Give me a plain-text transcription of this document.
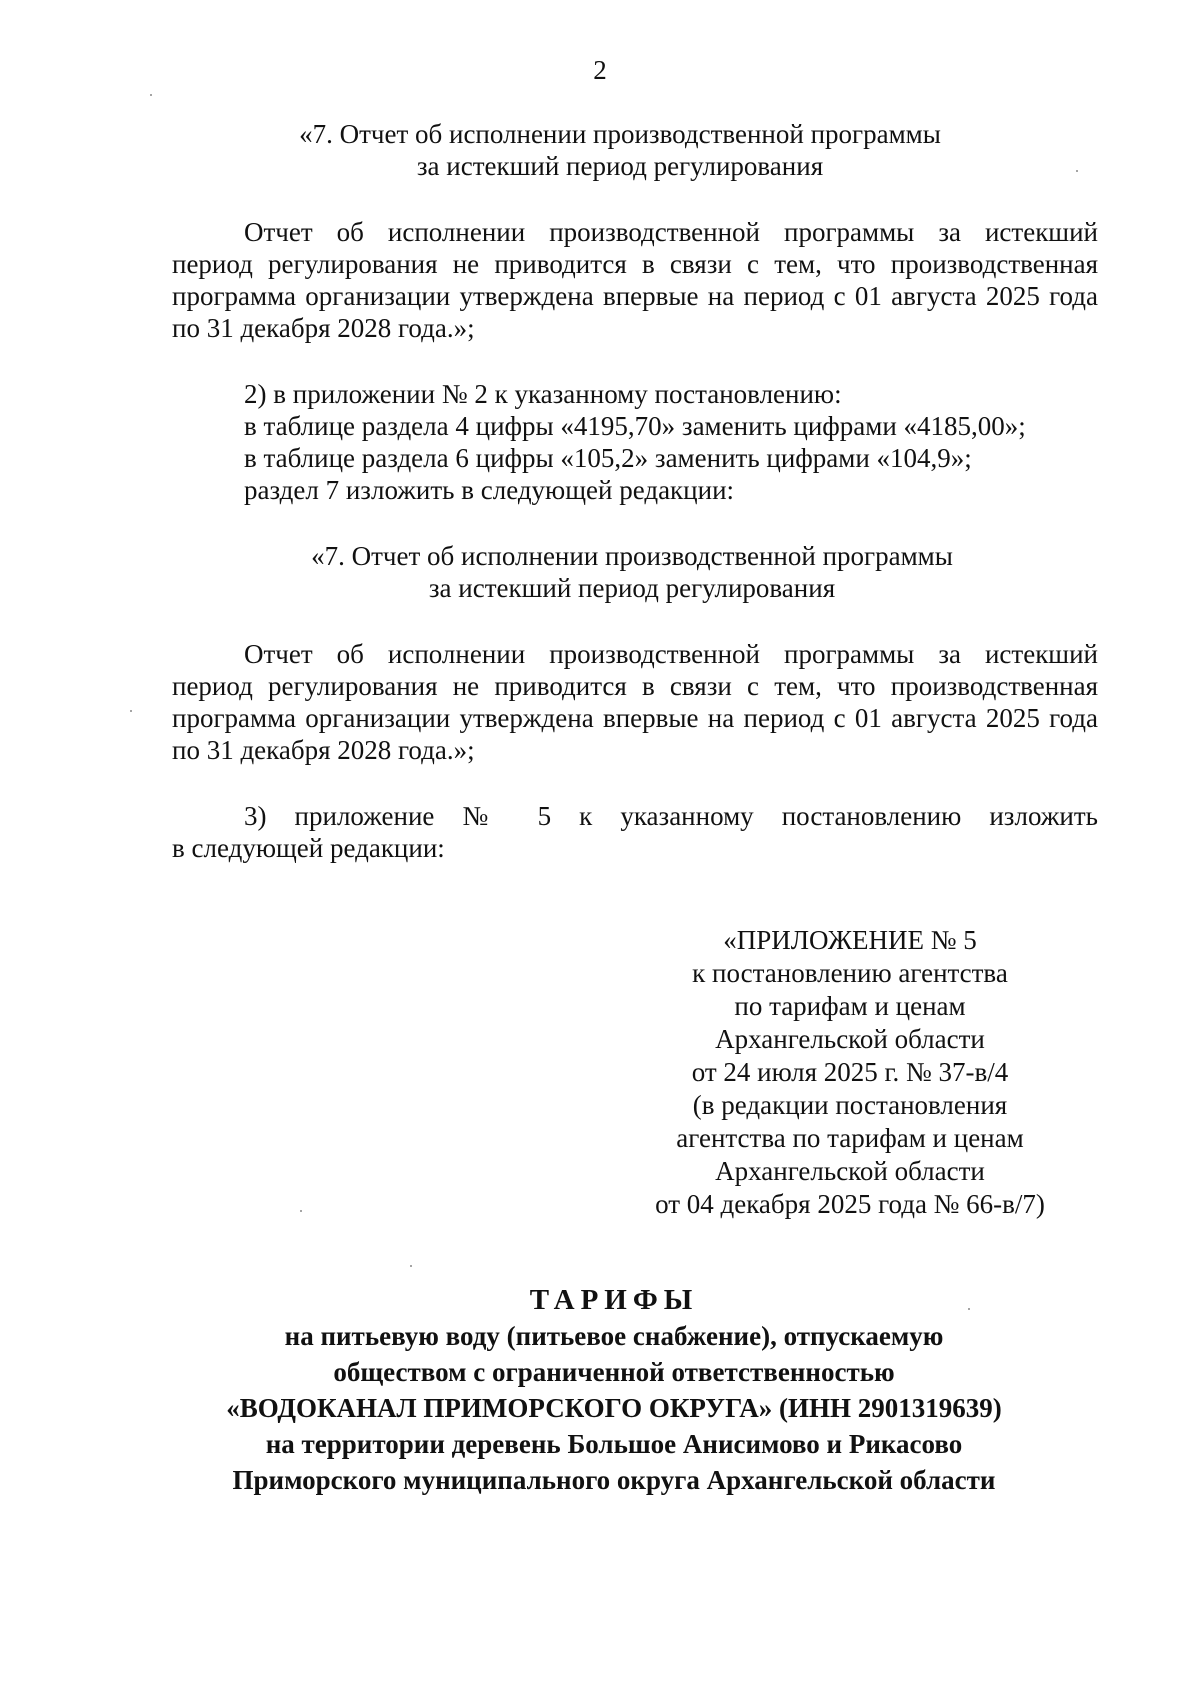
2
«7. Отчет об исполнении производственной программы
за истекший период регулирования
Отчет об исполнении производственной программы за истекший
период регулирования не приводится в связи с тем, что производственная
программа организации утверждена впервые на период с 01 августа 2025 года
по 31 декабря 2028 года.»;
2) в приложении № 2 к указанному постановлению:
в таблице раздела 4 цифры «4195,70» заменить цифрами «4185,00»;
в таблице раздела 6 цифры «105,2» заменить цифрами «104,9»;
раздел 7 изложить в следующей редакции:
«7. Отчет об исполнении производственной программы
за истекший период регулирования
Отчет об исполнении производственной программы за истекший
период регулирования не приводится в связи с тем, что производственная
программа организации утверждена впервые на период с 01 августа 2025 года
по 31 декабря 2028 года.»;
3) приложение № 5 к указанному постановлению изложить
в следующей редакции:
«ПРИЛОЖЕНИЕ № 5
к постановлению агентства
по тарифам и ценам
Архангельской области
от 24 июля 2025 г. № 37-в/4
(в редакции постановления
агентства по тарифам и ценам
Архангельской области
от 04 декабря 2025 года № 66-в/7)
ТАРИФЫ
на питьевую воду (питьевое снабжение), отпускаемую
обществом с ограниченной ответственностью
«ВОДОКАНАЛ ПРИМОРСКОГО ОКРУГА» (ИНН 2901319639)
на территории деревень Большое Анисимово и Рикасово
Приморского муниципального округа Архангельской области
